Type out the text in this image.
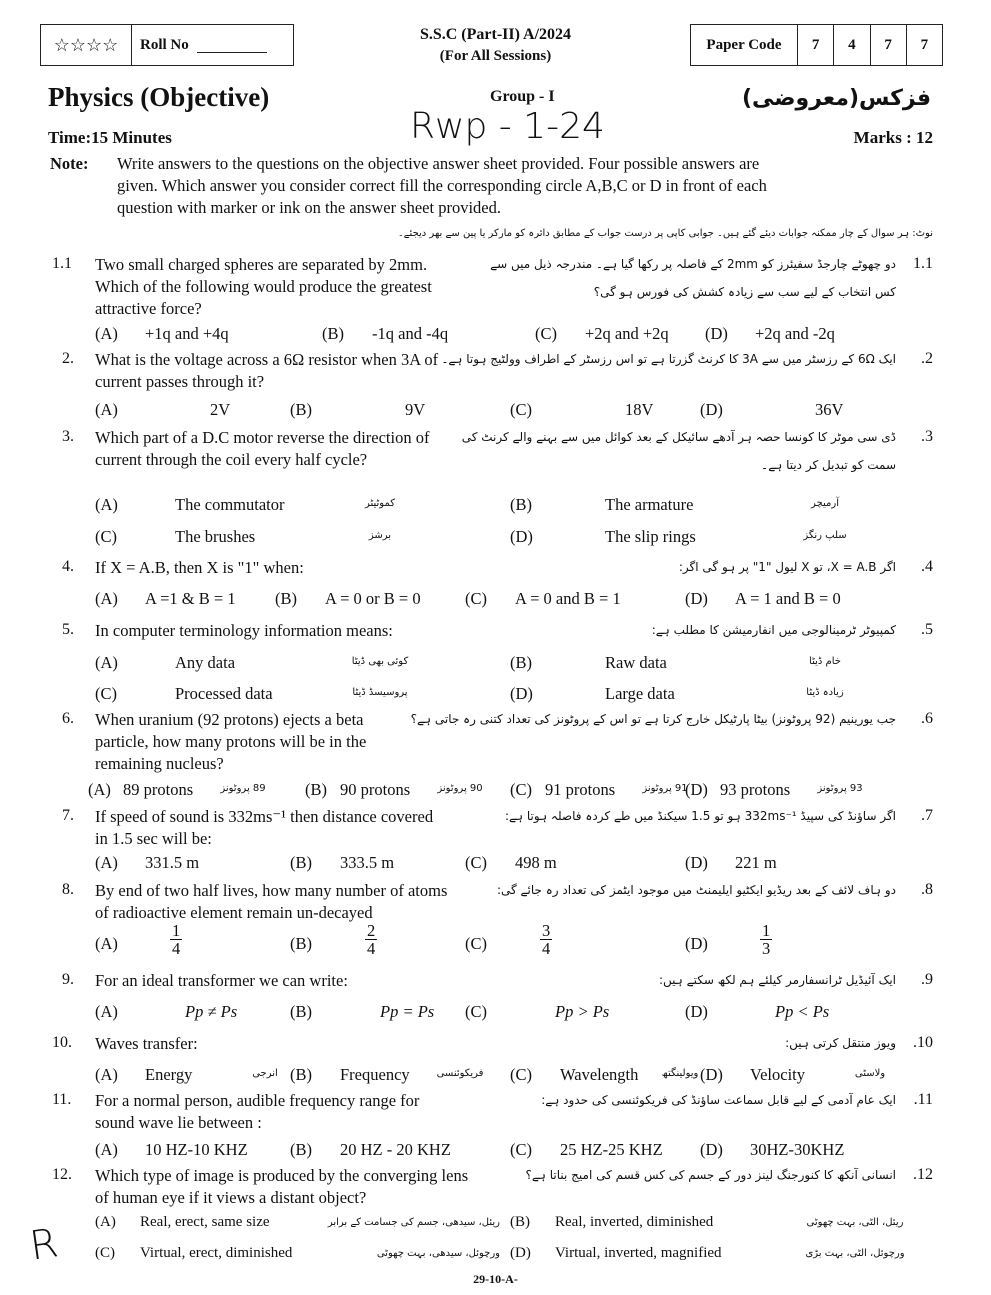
☆☆☆☆	Roll No
S.S.C (Part-II) A/2024
(For All Sessions)
Paper Code	7	4	7	7
Physics (Objective)	Group - I	فزکس(معروضی)
Rwp - 1-24
Time:15 Minutes	Marks : 12
Note: Write answers to the questions on the objective answer sheet provided. Four possible answers are
given. Which answer you consider correct fill the corresponding circle A,B,C or D in front of each
question with marker or ink on the answer sheet provided.
نوٹ: ہر سوال کے چار ممکنہ جوابات دیئے گئے ہیں۔ جوابی کاپی پر درست جواب کے مطابق دائرہ کو مارکر یا پین سے بھر دیجئے۔
1.1 Two small charged spheres are separated by 2mm.
Which of the following would produce the greatest
attractive force?
دو چھوٹے چارجڈ سفیئرز کو 2mm کے فاصلہ پر رکھا گیا ہے۔ مندرجہ ذیل میں سے
کس انتخاب کے لیے سب سے زیادہ کشش کی فورس ہو گی؟
1.1
(A) +1q and +4q	(B) -1q and -4q	(C) +2q and +2q (D) +2q and -2q
2. What is the voltage across a 6Ω resistor when 3A of
current passes through it?
ایک 6Ω کے رزسٹر میں سے 3A کا کرنٹ گزرتا ہے تو اس رزسٹر کے اطراف وولٹیج ہوتا ہے۔ .2
(A)	2V	(B)	9V	(C)	18V	(D)	36V
3. Which part of a D.C motor reverse the direction of
current through the coil every half cycle?
ڈی سی موٹر کا کونسا حصہ ہر آدھے سائیکل کے بعد کوائل میں سے بہنے والے کرنٹ کی
سمت کو تبدیل کر دیتا ہے۔
.3
(A)	The commutator	کموٹیٹر	(B)	The armature	آرمیچر
(C)	The brushes	برشز	(D)	The slip rings	سلپ رنگز
4. If X = A.B, then X is "1" when:	اگر X = A.B، تو X لیول "1" پر ہو گی اگر: .4
(A) A =1 & B = 1 (B) A = 0 or B = 0	(C) A = 0 and B = 1	(D) A = 1 and B = 0
5. In computer terminology information means:	کمپیوٹر ٹرمینالوجی میں انفارمیشن کا مطلب ہے: .5
(A)	Any data	کوئی بھی ڈیٹا	(B)	Raw data	خام ڈیٹا
(C)	Processed data	پروسیسڈ ڈیٹا	(D)	Large data	زیادہ ڈیٹا
6. When uranium (92 protons) ejects a beta
particle, how many protons will be in the
remaining nucleus?
جب یورینیم (92 پروٹونز) بیٹا پارٹیکل خارج کرتا ہے تو اس کے پروٹونز کی تعداد کتنی رہ جاتی ہے؟ .6
(A) 89 protons	89 پروٹونز	(B) 90 protons	90 پروٹونز	(C) 91 protons	91 پروٹونز
(D) 93 protons	93 پروٹونز
7. If speed of sound is 332ms⁻¹ then distance covered
in 1.5 sec will be:
اگر ساؤنڈ کی سپیڈ 332ms⁻¹ ہو تو 1.5 سیکنڈ میں طے کردہ فاصلہ ہوتا ہے: .7
(A) 331.5 m	(B) 333.5 m	(C) 498 m	(D) 221 m
8. By end of two half lives, how many number of atoms
of radioactive element remain un-decayed
دو ہاف لائف کے بعد ریڈیو ایکٹیو ایلیمنٹ میں موجود ایٹمز کی تعداد رہ جائے گی: .8
(A)	$\frac{1}{4}$	(B)	$\frac{2}{4}$	(C)	$\frac{3}{4}$	(D)	$\frac{1}{3}$
9. For an ideal transformer we can write:	ایک آئیڈیل ٹرانسفارمر کیلئے ہم لکھ سکتے ہیں: .9
(A)	Pp ≠ Ps	(B)	Pp = Ps (C)	Pp > Ps	(D)	Pp < Ps
10. Waves transfer:	ویوز منتقل کرتی ہیں: .10
(A) Energy	انرجی (B) Frequency	فریکوئنسی	(C) Wavelength	ویولینگتھ (D) Velocity	ولاسٹی
11. For a normal person, audible frequency range for
sound wave lie between :
ایک عام آدمی کے لیے قابل سماعت ساؤنڈ کی فریکوئنسی کی حدود ہے: .11
(A) 10 HZ-10 KHZ	(B) 20 HZ - 20 KHZ	(C) 25 HZ-25 KHZ (D) 30HZ-30KHZ
12. Which type of image is produced by the converging lens
of human eye if it views a distant object?
انسانی آنکھ کا کنورجنگ لینز دور کے جسم کی کس قسم کی امیج بناتا ہے؟ .12
(A) Real, erect, same size	ریئل، سیدھی، جسم کی جسامت کے برابر (B) Real, inverted, diminished	ریئل، الٹی، بہت چھوٹی
(C) Virtual, erect, diminished	ورچوئل، سیدھی، بہت چھوٹی (D) Virtual, inverted, magnified	ورچوئل، الٹی، بہت بڑی
29-10-A-
R
